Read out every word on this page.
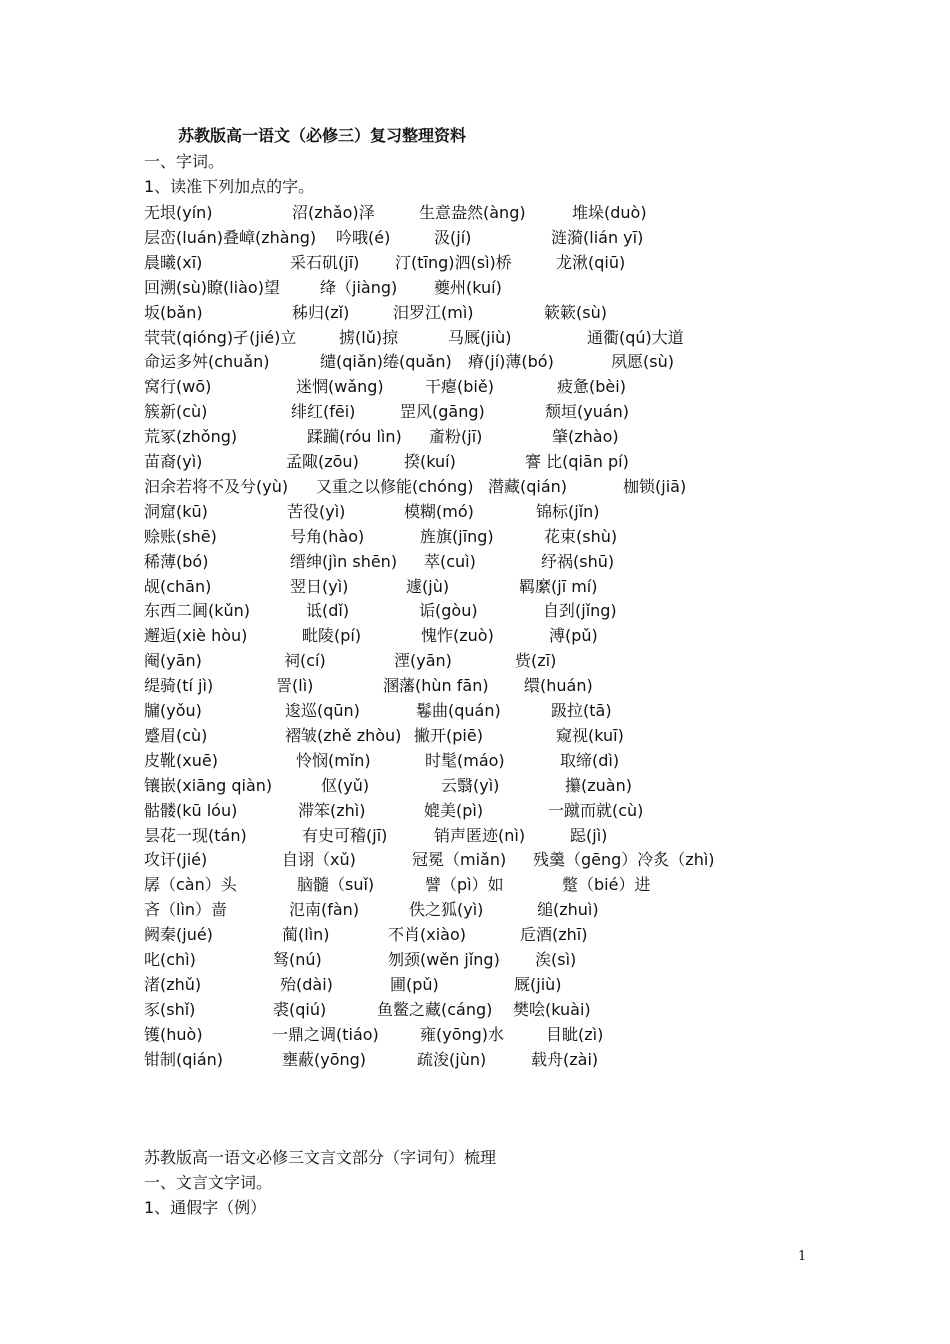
苏教版高一语文（必修三）复习整理资料
一、字词。
1、读准下列加点的字。
无垠(yín)	沼(zhǎo)泽	生意盎然(àng)	堆垛(duò)
层峦(luán)叠嶂(zhàng) 吟哦(é)	汲(jí)	涟漪(lián yī)
晨曦(xī)	采石矶(jī) 汀(tīng)泗(sì)桥	龙湫(qiū)
回溯(sù)瞭(liào)望	绛（jiàng) 夔州(kuí)
坂(bǎn)	秭归(zǐ)	汨罗江(mì)	簌簌(sù)
茕茕(qióng)孑(jié)立	掳(lǔ)掠	马厩(jiù)	通衢(qú)大道
命运多舛(chuǎn)	缱(qiǎn)绻(quǎn) 瘠(jí)薄(bó)	夙愿(sù)
窝行(wō)	迷惘(wǎng)	干瘪(biě)	疲惫(bèi)
簇新(cù)	绯红(fēi)	罡风(gāng)	颓垣(yuán)
荒冢(zhǒng)	蹂躏(róu lìn) 齑粉(jī)	肇(zhào)
苗裔(yì)	孟陬(zōu)	揆(kuí)	謇 比(qiān pí)
汩余若将不及兮(yù) 又重之以修能(chóng) 潜藏(qián)	枷锁(jiā)
洞窟(kū)	苦役(yì)	模糊(mó)	锦标(jǐn)
赊账(shē)	号角(hào)	旌旗(jīng)	花束(shù)
稀薄(bó)	缙绅(jìn shēn) 萃(cuì)	纾祸(shū)
觇(chān)	翌日(yì)	遽(jù)	羁縻(jī mí)
东西二阃(kǔn)	诋(dǐ)	诟(gòu)	自刭(jǐng)
邂逅(xiè hòu)	毗陵(pí)	愧怍(zuò)	溥(pǔ)
阉(yān)	祠(cí)	湮(yān)	赀(zī)
缇骑(tí jì)	詈(lì)	溷藩(hùn fān) 缳(huán)
牖(yǒu)	逡巡(qūn)	鬈曲(quán)	趿拉(tā)
蹙眉(cù)	褶皱(zhě zhòu) 撇开(piē)	窥视(kuī)
皮靴(xuē)	怜悯(mǐn)	时髦(máo)	取缔(dì)
镶嵌(xiāng qiàn)	伛(yǔ)	云翳(yì)	攥(zuàn)
骷髅(kū lóu)	滞笨(zhì)	媲美(pì)	一蹴而就(cù)
昙花一现(tán)	有史可稽(jī)	销声匿迹(nì)	跽(jì)
攻讦(jié)	自诩（xǔ)	冠冕（miǎn) 残羹（gēng）冷炙（zhì)
孱（càn）头	脑髓（suǐ)	譬（pì）如	蹩（bié）进
吝（lìn）啬	氾南(fàn)	佚之狐(yì)	缒(zhuì)
阙秦(jué)	蔺(lìn)	不肖(xiào)	卮酒(zhī)
叱(chì)	驽(nú)	刎颈(wěn jǐng) 涘(sì)
渚(zhǔ)	殆(dài)	圃(pǔ)	厩(jiù)
豕(shǐ)	裘(qiú)	鱼鳖之藏(cáng) 樊哙(kuài)
镬(huò)	一鼎之调(tiáo)	雍(yōng)水	目眦(zì)
钳制(qián)	壅蔽(yōng)	疏浚(jùn)	载舟(zài)
苏教版高一语文必修三文言文部分（字词句）梳理
一、文言文字词。
1、通假字（例）
1
